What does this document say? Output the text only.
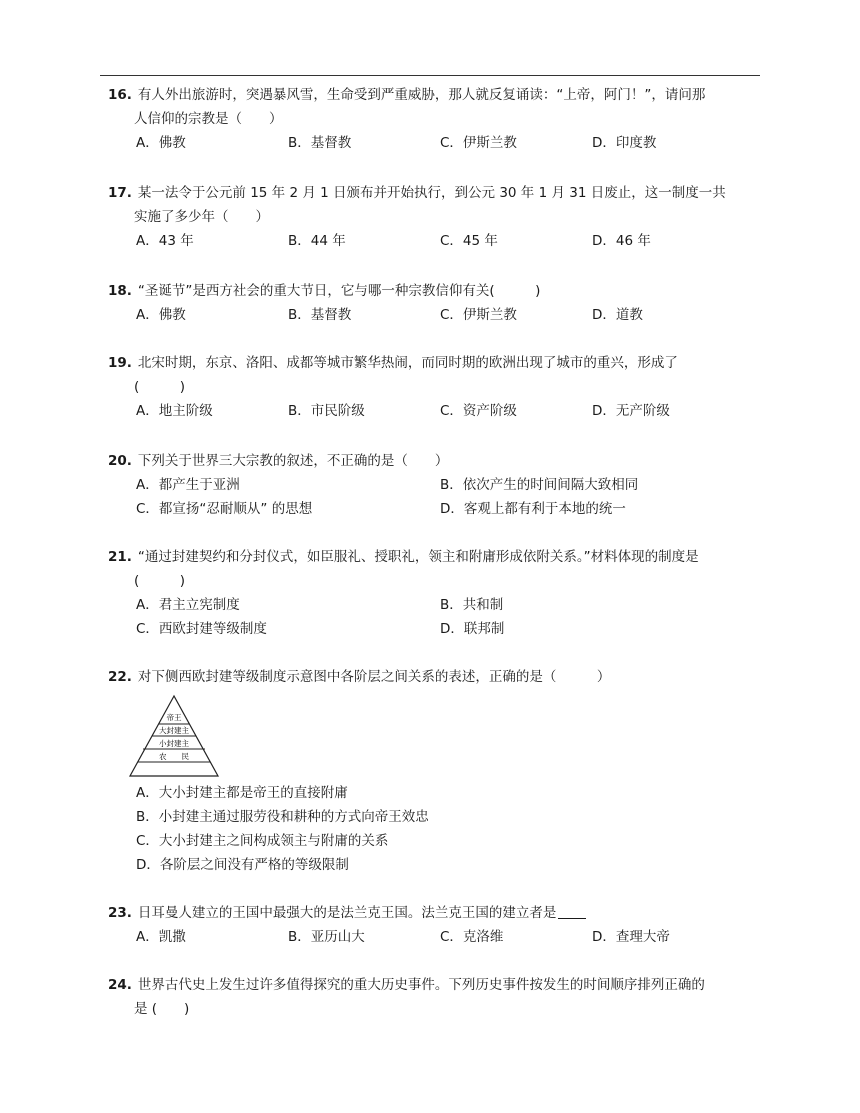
16. 有人外出旅游时，突遇暴风雪，生命受到严重威胁，那人就反复诵读：“上帝，阿门！”，请问那
人信仰的宗教是（　　）
A．佛教	B．基督教	C．伊斯兰教	D．印度教
17. 某一法令于公元前 15 年 2 月 1 日颁布并开始执行，到公元 30 年 1 月 31 日废止，这一制度一共
实施了多少年（　　）
A．43 年	B．44 年	C．45 年	D．46 年
18. “圣诞节”是西方社会的重大节日，它与哪一种宗教信仰有关(　　　)
A．佛教	B．基督教	C．伊斯兰教	D．道教
19. 北宋时期，东京、洛阳、成都等城市繁华热闹，而同时期的欧洲出现了城市的重兴，形成了
(　　　)
A．地主阶级	B．市民阶级	C．资产阶级	D．无产阶级
20. 下列关于世界三大宗教的叙述，不正确的是（　　）
A．都产生于亚洲	B．依次产生的时间间隔大致相同
C．都宣扬“忍耐顺从” 的思想	D．客观上都有利于本地的统一
21. “通过封建契约和分封仪式，如臣服礼、授职礼，领主和附庸形成依附关系。”材料体现的制度是
(　　　)
A．君主立宪制度	B．共和制
C．西欧封建等级制度	D．联邦制
22. 对下侧西欧封建等级制度示意图中各阶层之间关系的表述，正确的是（　　　）
帝王
大封建主
小封建主
农　　民
A．大小封建主都是帝王的直接附庸
B．小封建主通过服劳役和耕种的方式向帝王效忠
C．大小封建主之间构成领主与附庸的关系
D．各阶层之间没有严格的等级限制
23. 日耳曼人建立的王国中最强大的是法兰克王国。法兰克王国的建立者是
A．凯撒	B．亚历山大	C．克洛维	D．查理大帝
24. 世界古代史上发生过许多值得探究的重大历史事件。下列历史事件按发生的时间顺序排列正确的
是 (　　)
